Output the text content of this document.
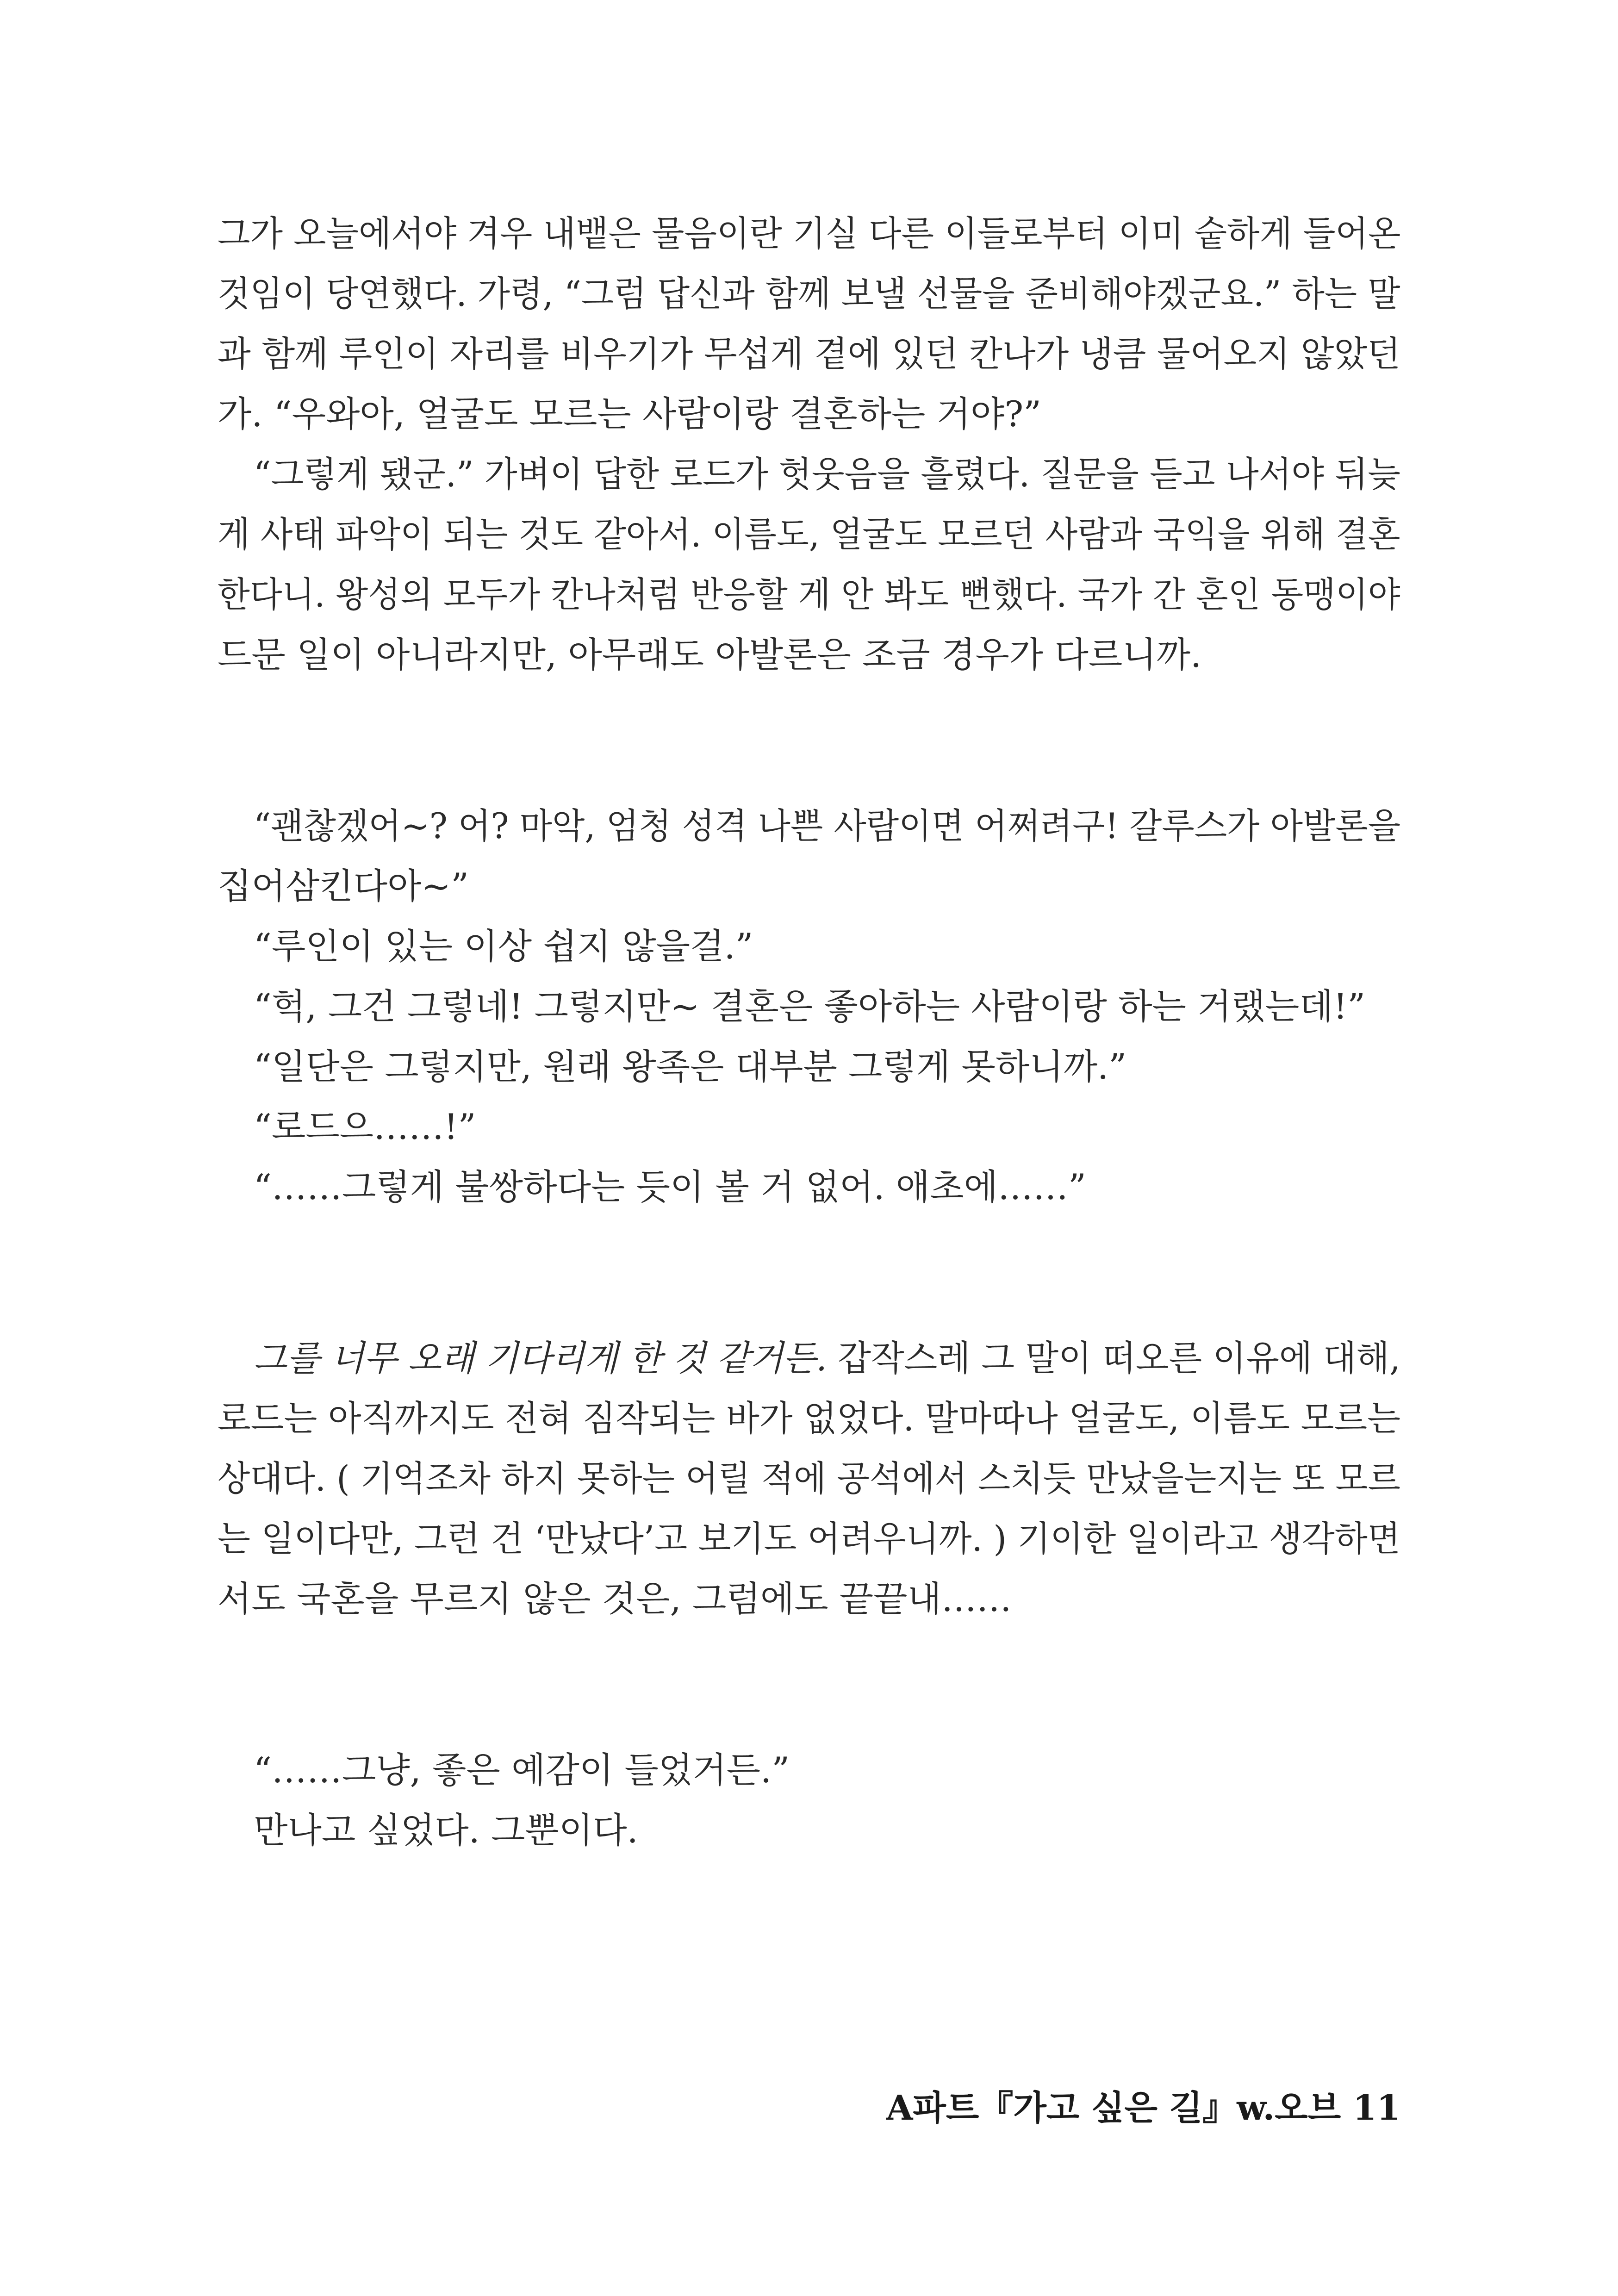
그가 오늘에서야 겨우 내뱉은 물음이란 기실 다른 이들로부터 이미 숱하게 들어온
것임이 당연했다. 가령, “그럼 답신과 함께 보낼 선물을 준비해야겠군요.” 하는 말
과 함께 루인이 자리를 비우기가 무섭게 곁에 있던 칸나가 냉큼 물어오지 않았던
가. “우와아, 얼굴도 모르는 사람이랑 결혼하는 거야?”
“그렇게 됐군.” 가벼이 답한 로드가 헛웃음을 흘렸다. 질문을 듣고 나서야 뒤늦
게 사태 파악이 되는 것도 같아서. 이름도, 얼굴도 모르던 사람과 국익을 위해 결혼
한다니. 왕성의 모두가 칸나처럼 반응할 게 안 봐도 뻔했다. 국가 간 혼인 동맹이야
드문 일이 아니라지만, 아무래도 아발론은 조금 경우가 다르니까.
“괜찮겠어~? 어? 마악, 엄청 성격 나쁜 사람이면 어쩌려구! 갈루스가 아발론을
집어삼킨다아~”
“루인이 있는 이상 쉽지 않을걸.”
“헉, 그건 그렇네! 그렇지만~ 결혼은 좋아하는 사람이랑 하는 거랬는데!”
“일단은 그렇지만, 원래 왕족은 대부분 그렇게 못하니까.”
“로드으……!”
“……그렇게 불쌍하다는 듯이 볼 거 없어. 애초에……”
그를 너무 오래 기다리게 한 것 같거든. 갑작스레 그 말이 떠오른 이유에 대해,
로드는 아직까지도 전혀 짐작되는 바가 없었다. 말마따나 얼굴도, 이름도 모르는
상대다. ( 기억조차 하지 못하는 어릴 적에 공석에서 스치듯 만났을는지는 또 모르
는 일이다만, 그런 건 ‘만났다’고 보기도 어려우니까. ) 기이한 일이라고 생각하면
서도 국혼을 무르지 않은 것은, 그럼에도 끝끝내……
“……그냥, 좋은 예감이 들었거든.”
만나고 싶었다. 그뿐이다.
A파트『가고 싶은 길』w.오브 11
